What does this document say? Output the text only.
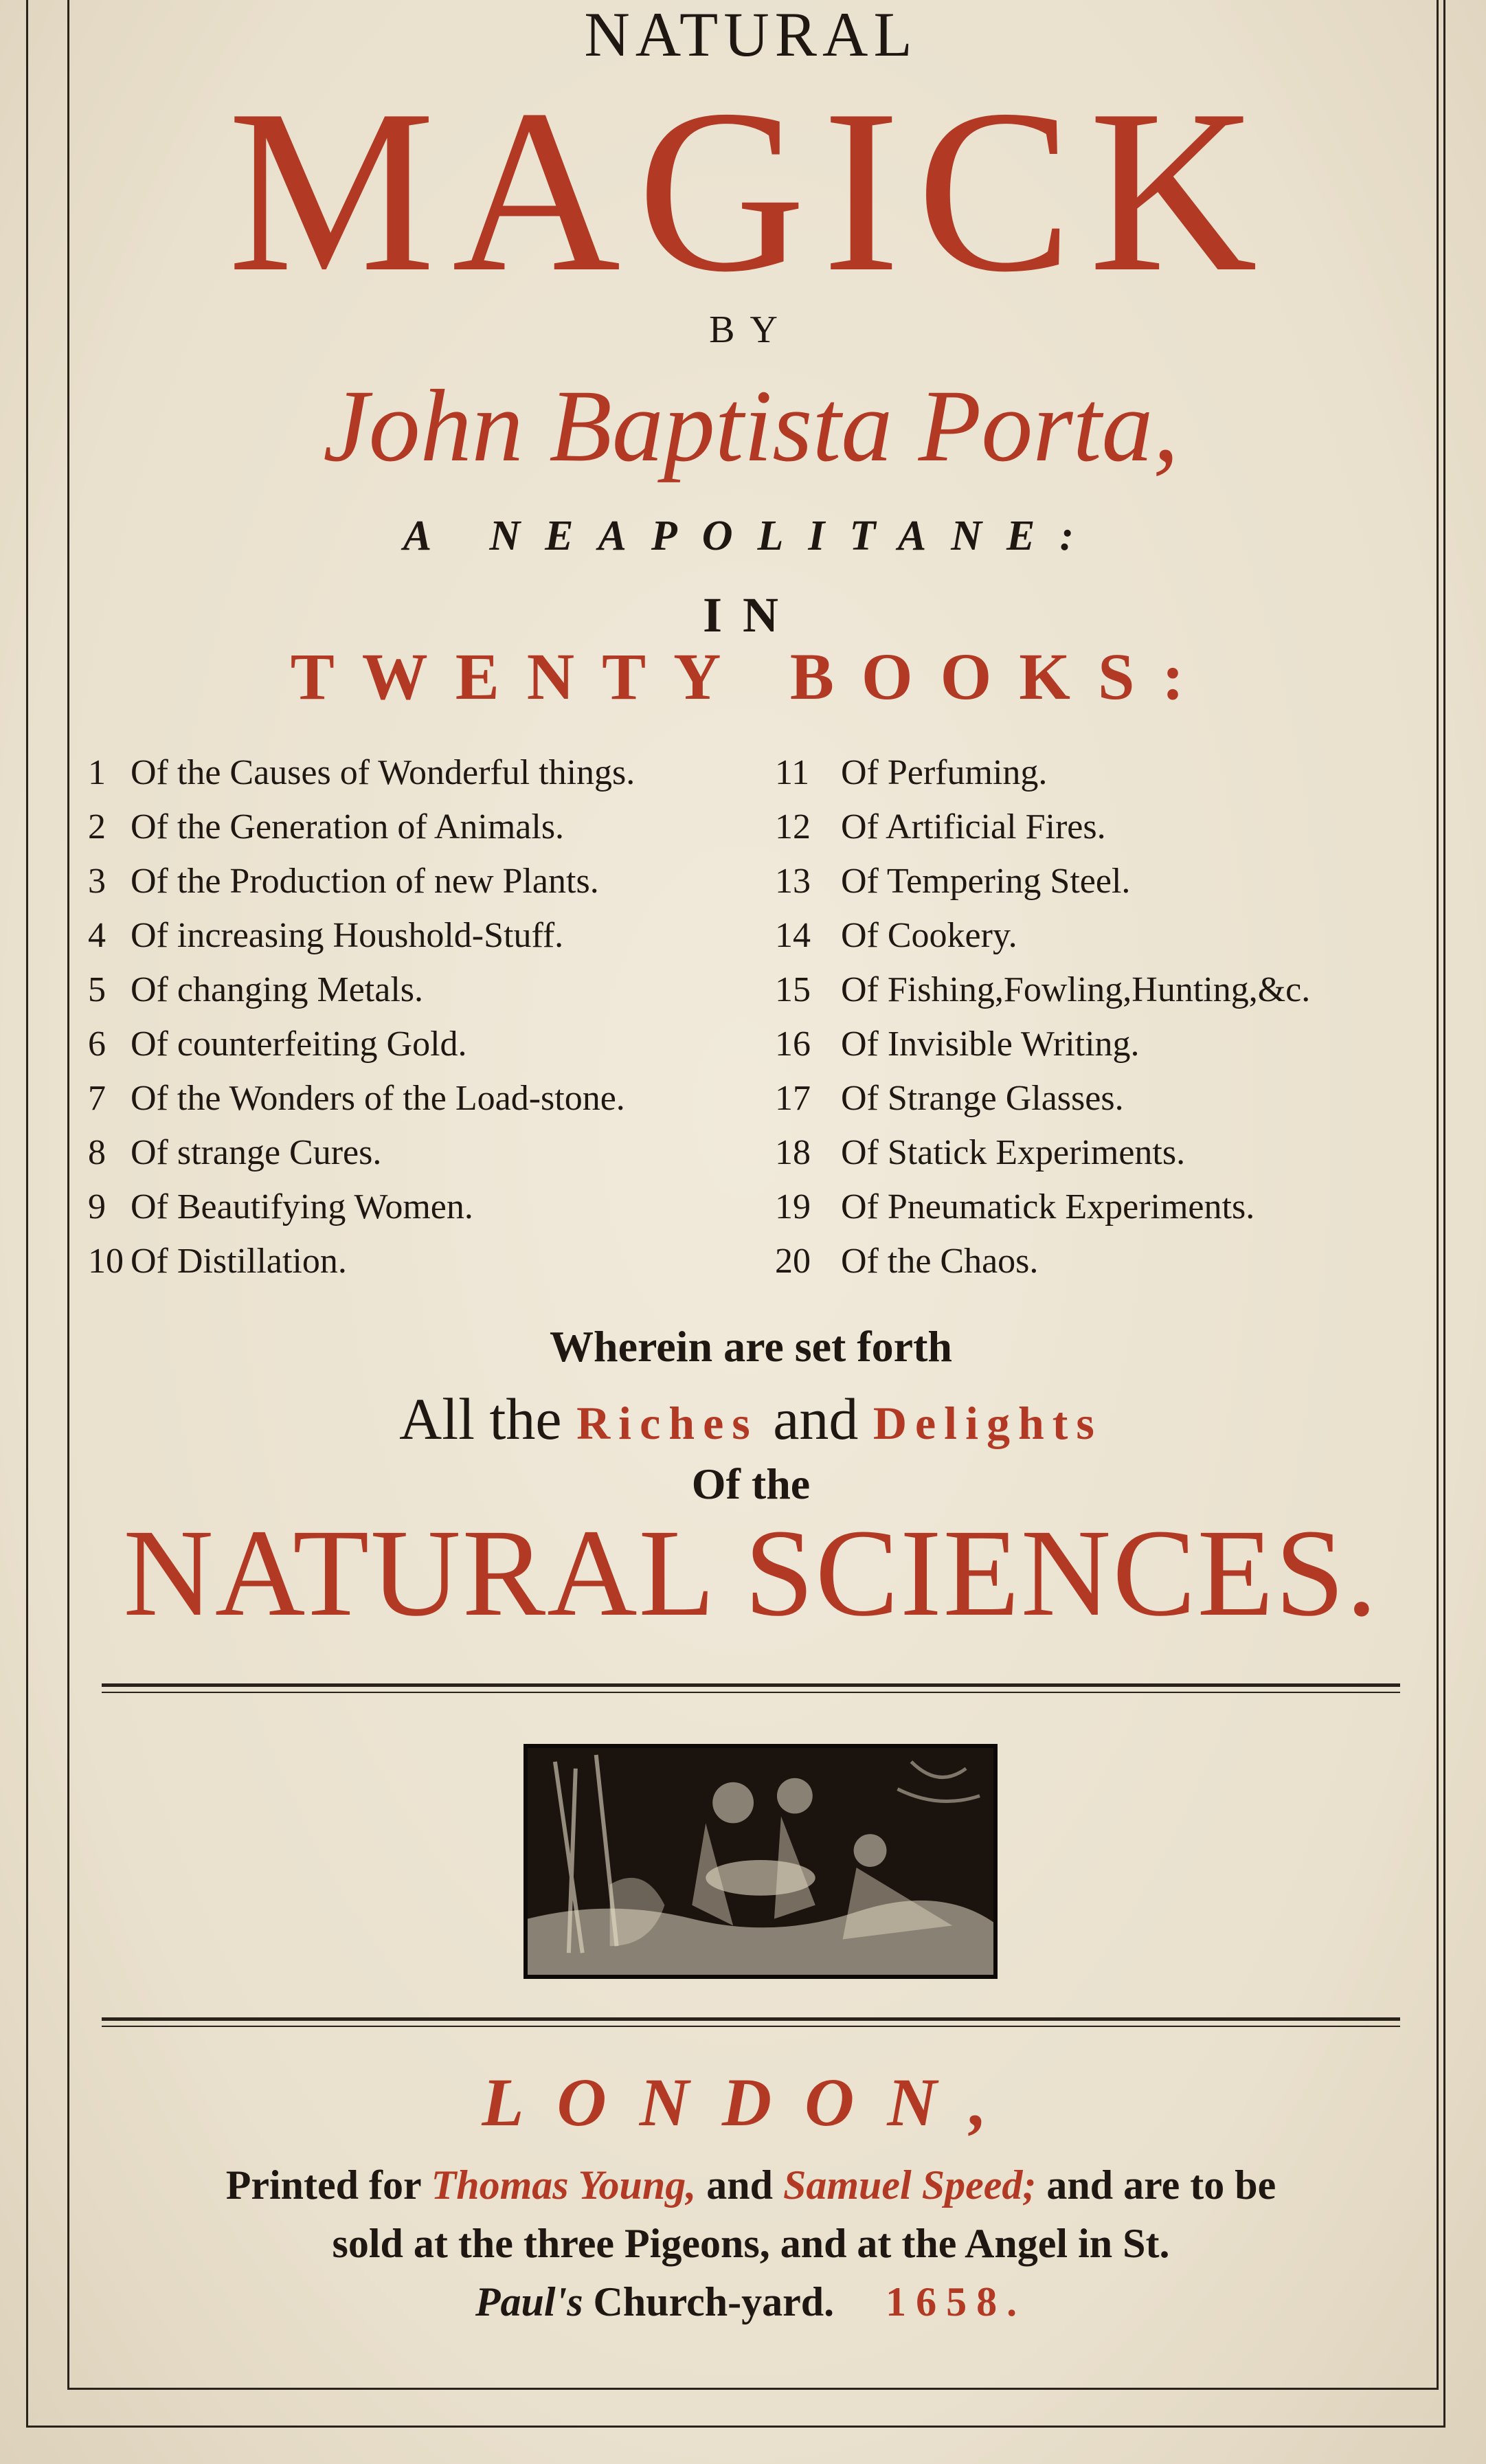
NATURAL
MAGICK
BY
John Baptista Porta,
A NEAPOLITANE:
IN
TWENTY BOOKS:
1 Of the Causes of Wonderful things.
2 Of the Generation of Animals.
3 Of the Production of new Plants.
4 Of increasing Houshold-Stuff.
5 Of changing Metals.
6 Of counterfeiting Gold.
7 Of the Wonders of the Load-stone.
8 Of strange Cures.
9 Of Beautifying Women.
10 Of Distillation.
11 Of Perfuming.
12 Of Artificial Fires.
13 Of Tempering Steel.
14 Of Cookery.
15 Of Fishing,Fowling,Hunting,&c.
16 Of Invisible Writing.
17 Of Strange Glasses.
18 Of Statick Experiments.
19 Of Pneumatick Experiments.
20 Of the Chaos.
Wherein are set forth
All the Riches and Delights
Of the
NATURAL SCIENCES.
LONDON,
Printed for Thomas Young, and Samuel Speed; and are to be
sold at the three Pigeons, and at the Angel in St.
Paul's Church-yard. 1658.
